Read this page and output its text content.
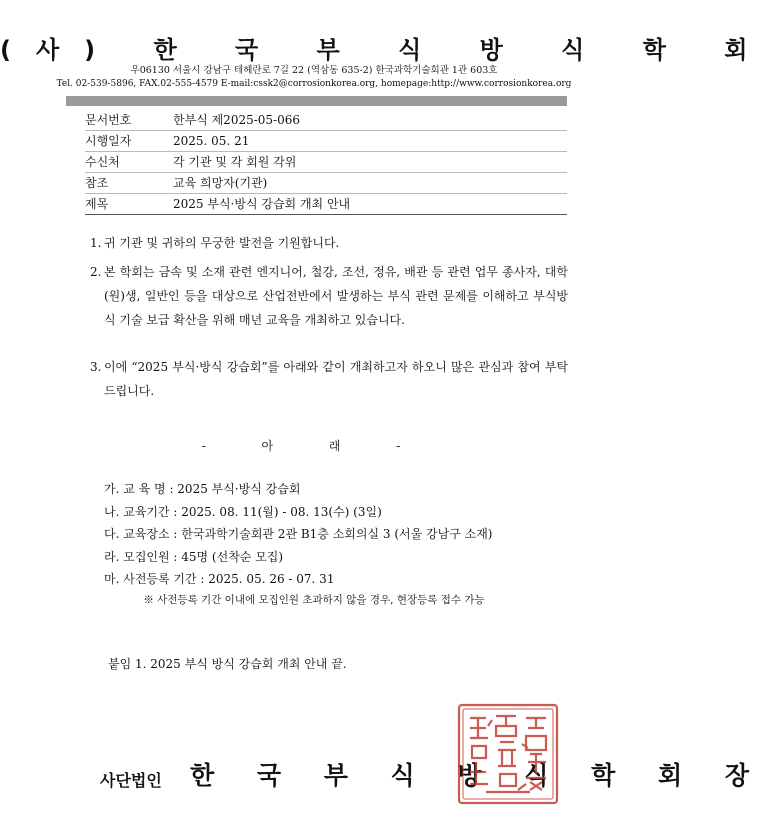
(사) 한 국 부 식 방 식 학 회
우06130 서울시 강남구 테헤란로 7길 22 (역삼동 635-2) 한국과학기술회관 1관 603호
Tel. 02-539-5896, FAX.02-555-4579 E-mail:cssk2@corrosionkorea.org, homepage:http://www.corrosionkorea.org
문서번호	한부식 제2025-05-066
시행일자	2025. 05. 21
수신처	각 기관 및 각 회원 각위
참조	교육 희망자(기관)
제목	2025 부식·방식 강습회 개최 안내
1. 귀 기관 및 귀하의 무궁한 발전을 기원합니다.
2. 본 학회는 금속 및 소재 관련 엔지니어, 철강, 조선, 정유, 배관 등 관련 업무 종사자, 대학(원)생, 일반인 등을 대상으로 산업전반에서 발생하는 부식 관련 문제를 이해하고 부식방식 기술 보급 확산을 위해 매년 교육을 개최하고 있습니다.
3. 이에 “2025 부식·방식 강습회”를 아래와 같이 개최하고자 하오니 많은 관심과 참여 부탁드립니다.
- 아 래 -
가. 교 육 명 : 2025 부식·방식 강습회
나. 교육기간 : 2025. 08. 11(월) - 08. 13(수) (3일)
다. 교육장소 : 한국과학기술회관 2관 B1층 소회의실 3 (서울 강남구 소재)
라. 모집인원 : 45명 (선착순 모집)
마. 사전등록 기간 : 2025. 05. 26 - 07. 31
※ 사전등록 기간 이내에 모집인원 초과하지 않을 경우, 현장등록 접수 가능
붙임 1. 2025 부식 방식 강습회 개최 안내 끝.
사단법인 한 국 부 식 방 식 학 회 장
